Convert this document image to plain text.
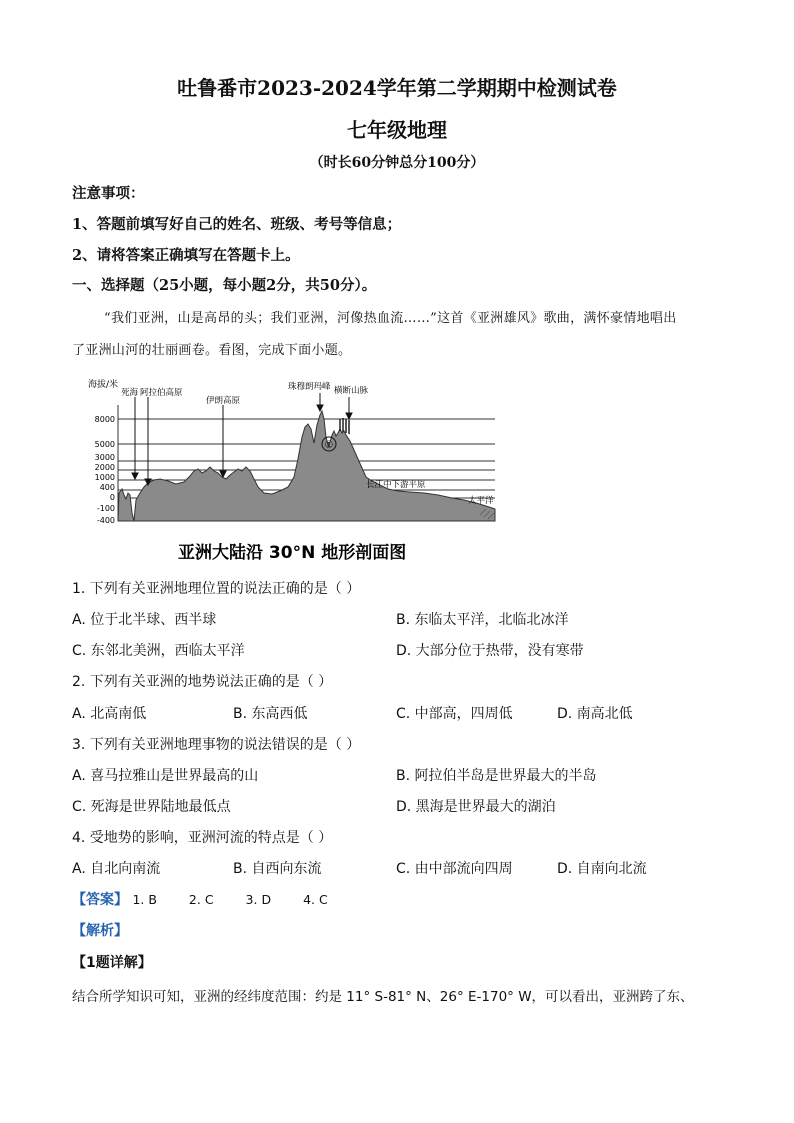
吐鲁番市2023-2024学年第二学期期中检测试卷
七年级地理
（时长60分钟总分100分）
注意事项：
1、答题前填写好自己的姓名、班级、考号等信息；
2、请将答案正确填写在答题卡上。
一、选择题（25小题，每小题2分，共50分）。
“我们亚洲，山是高昂的头；我们亚洲，河像热血流……”这首《亚洲雄风》歌曲，满怀豪情地唱出
了亚洲山河的壮丽画卷。看图，完成下面小题。
海拔/米
8000
5000
3000
2000
1000
400
0
-100
-400
死海 阿拉伯高原
伊朗高原
珠穆朗玛峰 横断山脉
长江中下游平原
太平洋
①
亚洲大陆沿 30°N 地形剖面图
1. 下列有关亚洲地理位置的说法正确的是（ ）
A. 位于北半球、西半球	B. 东临太平洋，北临北冰洋
C. 东邻北美洲，西临太平洋	D. 大部分位于热带，没有寒带
2. 下列有关亚洲的地势说法正确的是（ ）
A. 北高南低	B. 东高西低	C. 中部高，四周低	D. 南高北低
3. 下列有关亚洲地理事物的说法错误的是（ ）
A. 喜马拉雅山是世界最高的山	B. 阿拉伯半岛是世界最大的半岛
C. 死海是世界陆地最低点	D. 黑海是世界最大的湖泊
4. 受地势的影响，亚洲河流的特点是（ ）
A. 自北向南流	B. 自西向东流	C. 由中部流向四周	D. 自南向北流
【答案】 1. B	2. C	3. D	4. C
【解析】
【1题详解】
结合所学知识可知，亚洲的经纬度范围：约是 11° S-81° N、26° E-170° W，可以看出，亚洲跨了东、
